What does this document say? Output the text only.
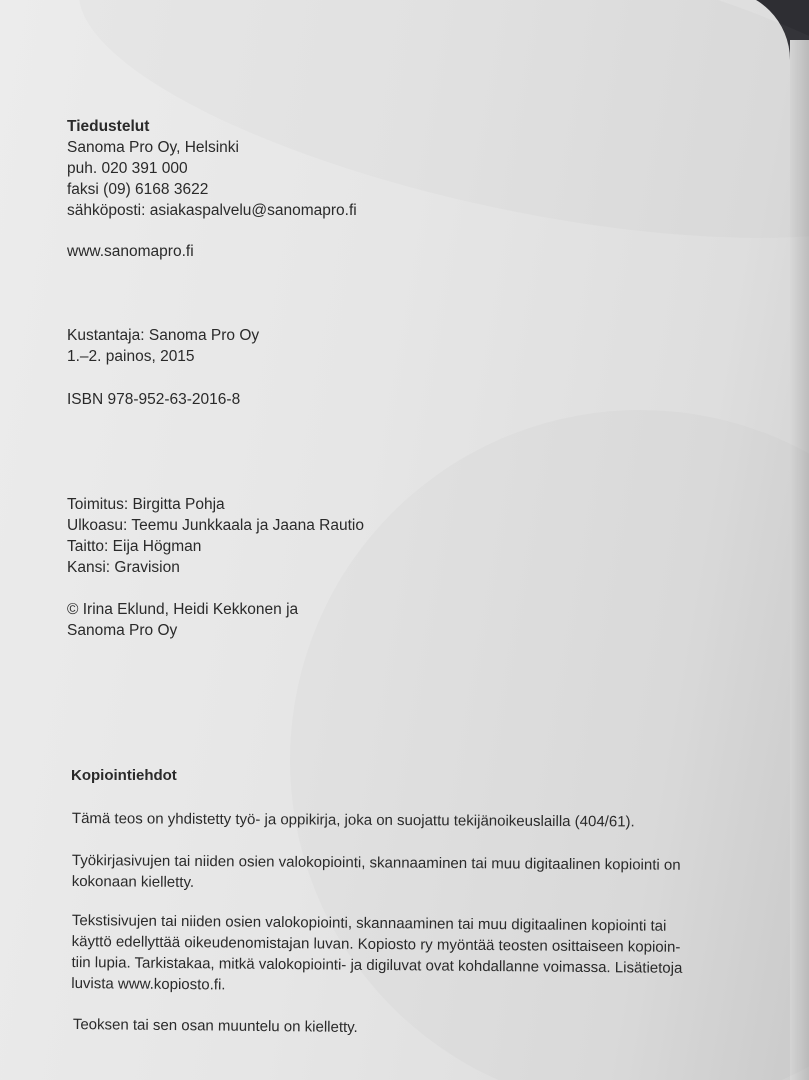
Tiedustelut
Sanoma Pro Oy, Helsinki
puh. 020 391 000
faksi (09) 6168 3622
sähköposti: asiakaspalvelu@sanomapro.fi
www.sanomapro.fi
Kustantaja: Sanoma Pro Oy
1.–2. painos, 2015
ISBN 978-952-63-2016-8
Toimitus: Birgitta Pohja
Ulkoasu: Teemu Junkkaala ja Jaana Rautio
Taitto: Eija Högman
Kansi: Gravision
© Irina Eklund, Heidi Kekkonen ja
Sanoma Pro Oy
Kopiointiehdot
Tämä teos on yhdistetty työ- ja oppikirja, joka on suojattu tekijänoikeuslailla (404/61).
Työkirjasivujen tai niiden osien valokopiointi, skannaaminen tai muu digitaalinen kopiointi on
kokonaan kielletty.
Tekstisivujen tai niiden osien valokopiointi, skannaaminen tai muu digitaalinen kopiointi tai
käyttö edellyttää oikeudenomistajan luvan. Kopiosto ry myöntää teosten osittaiseen kopioin-
tiin lupia. Tarkistakaa, mitkä valokopiointi- ja digiluvat ovat kohdallanne voimassa. Lisätietoja
luvista www.kopiosto.fi.
Teoksen tai sen osan muuntelu on kielletty.
